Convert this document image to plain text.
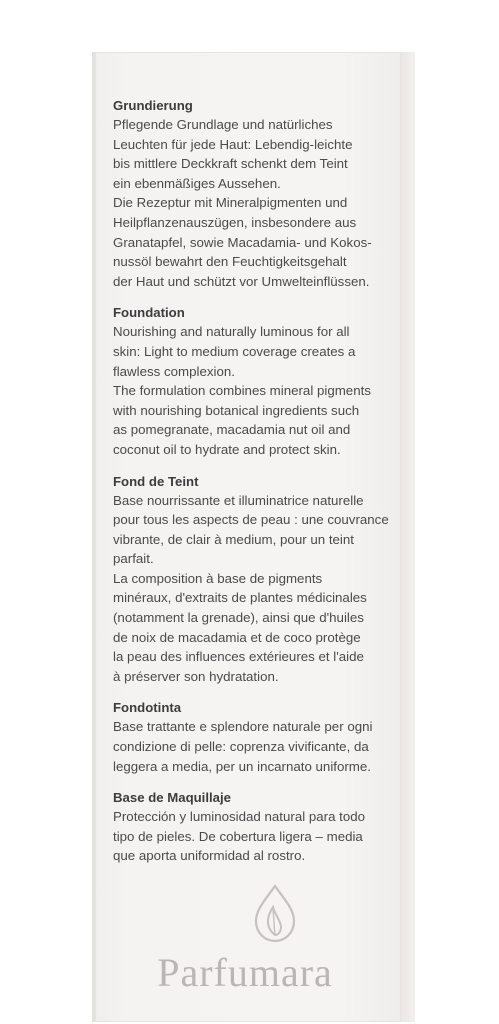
Grundierung

Pflegende Grundlage und natürliches
Leuchten für jede Haut: Lebendig-leichte
bis mittlere Deckkraft schenkt dem Teint
ein ebenmäßiges Aussehen.
Die Rezeptur mit Mineralpigmenten und
Heilpflanzenauszügen, insbesondere aus
Granatapfel, sowie Macadamia- und Kokos-
nussöl bewahrt den Feuchtigkeitsgehalt
der Haut und schützt vor Umwelteinflüssen.

Foundation

Nourishing and naturally luminous for all
skin: Light to medium coverage creates a
flawless complexion.
The formulation combines mineral pigments
with nourishing botanical ingredients such
as pomegranate, macadamia nut oil and
coconut oil to hydrate and protect skin.

Fond de Teint

Base nourrissante et illuminatrice naturelle
pour tous les aspects de peau : une couvrance
vibrante, de clair à medium, pour un teint
parfait.
La composition à base de pigments
minéraux, d'extraits de plantes médicinales
(notamment la grenade), ainsi que d'huiles
de noix de macadamia et de coco protège
la peau des influences extérieures et l'aide
à préserver son hydratation.

Fondotinta

Base trattante e splendore naturale per ogni
condizione di pelle: coprenza vivificante, da
leggera a media, per un incarnato uniforme.

Base de Maquillaje

Protección y luminosidad natural para todo
tipo de pieles. De cobertura ligera – media
que aporta uniformidad al rostro.

Parfumara
